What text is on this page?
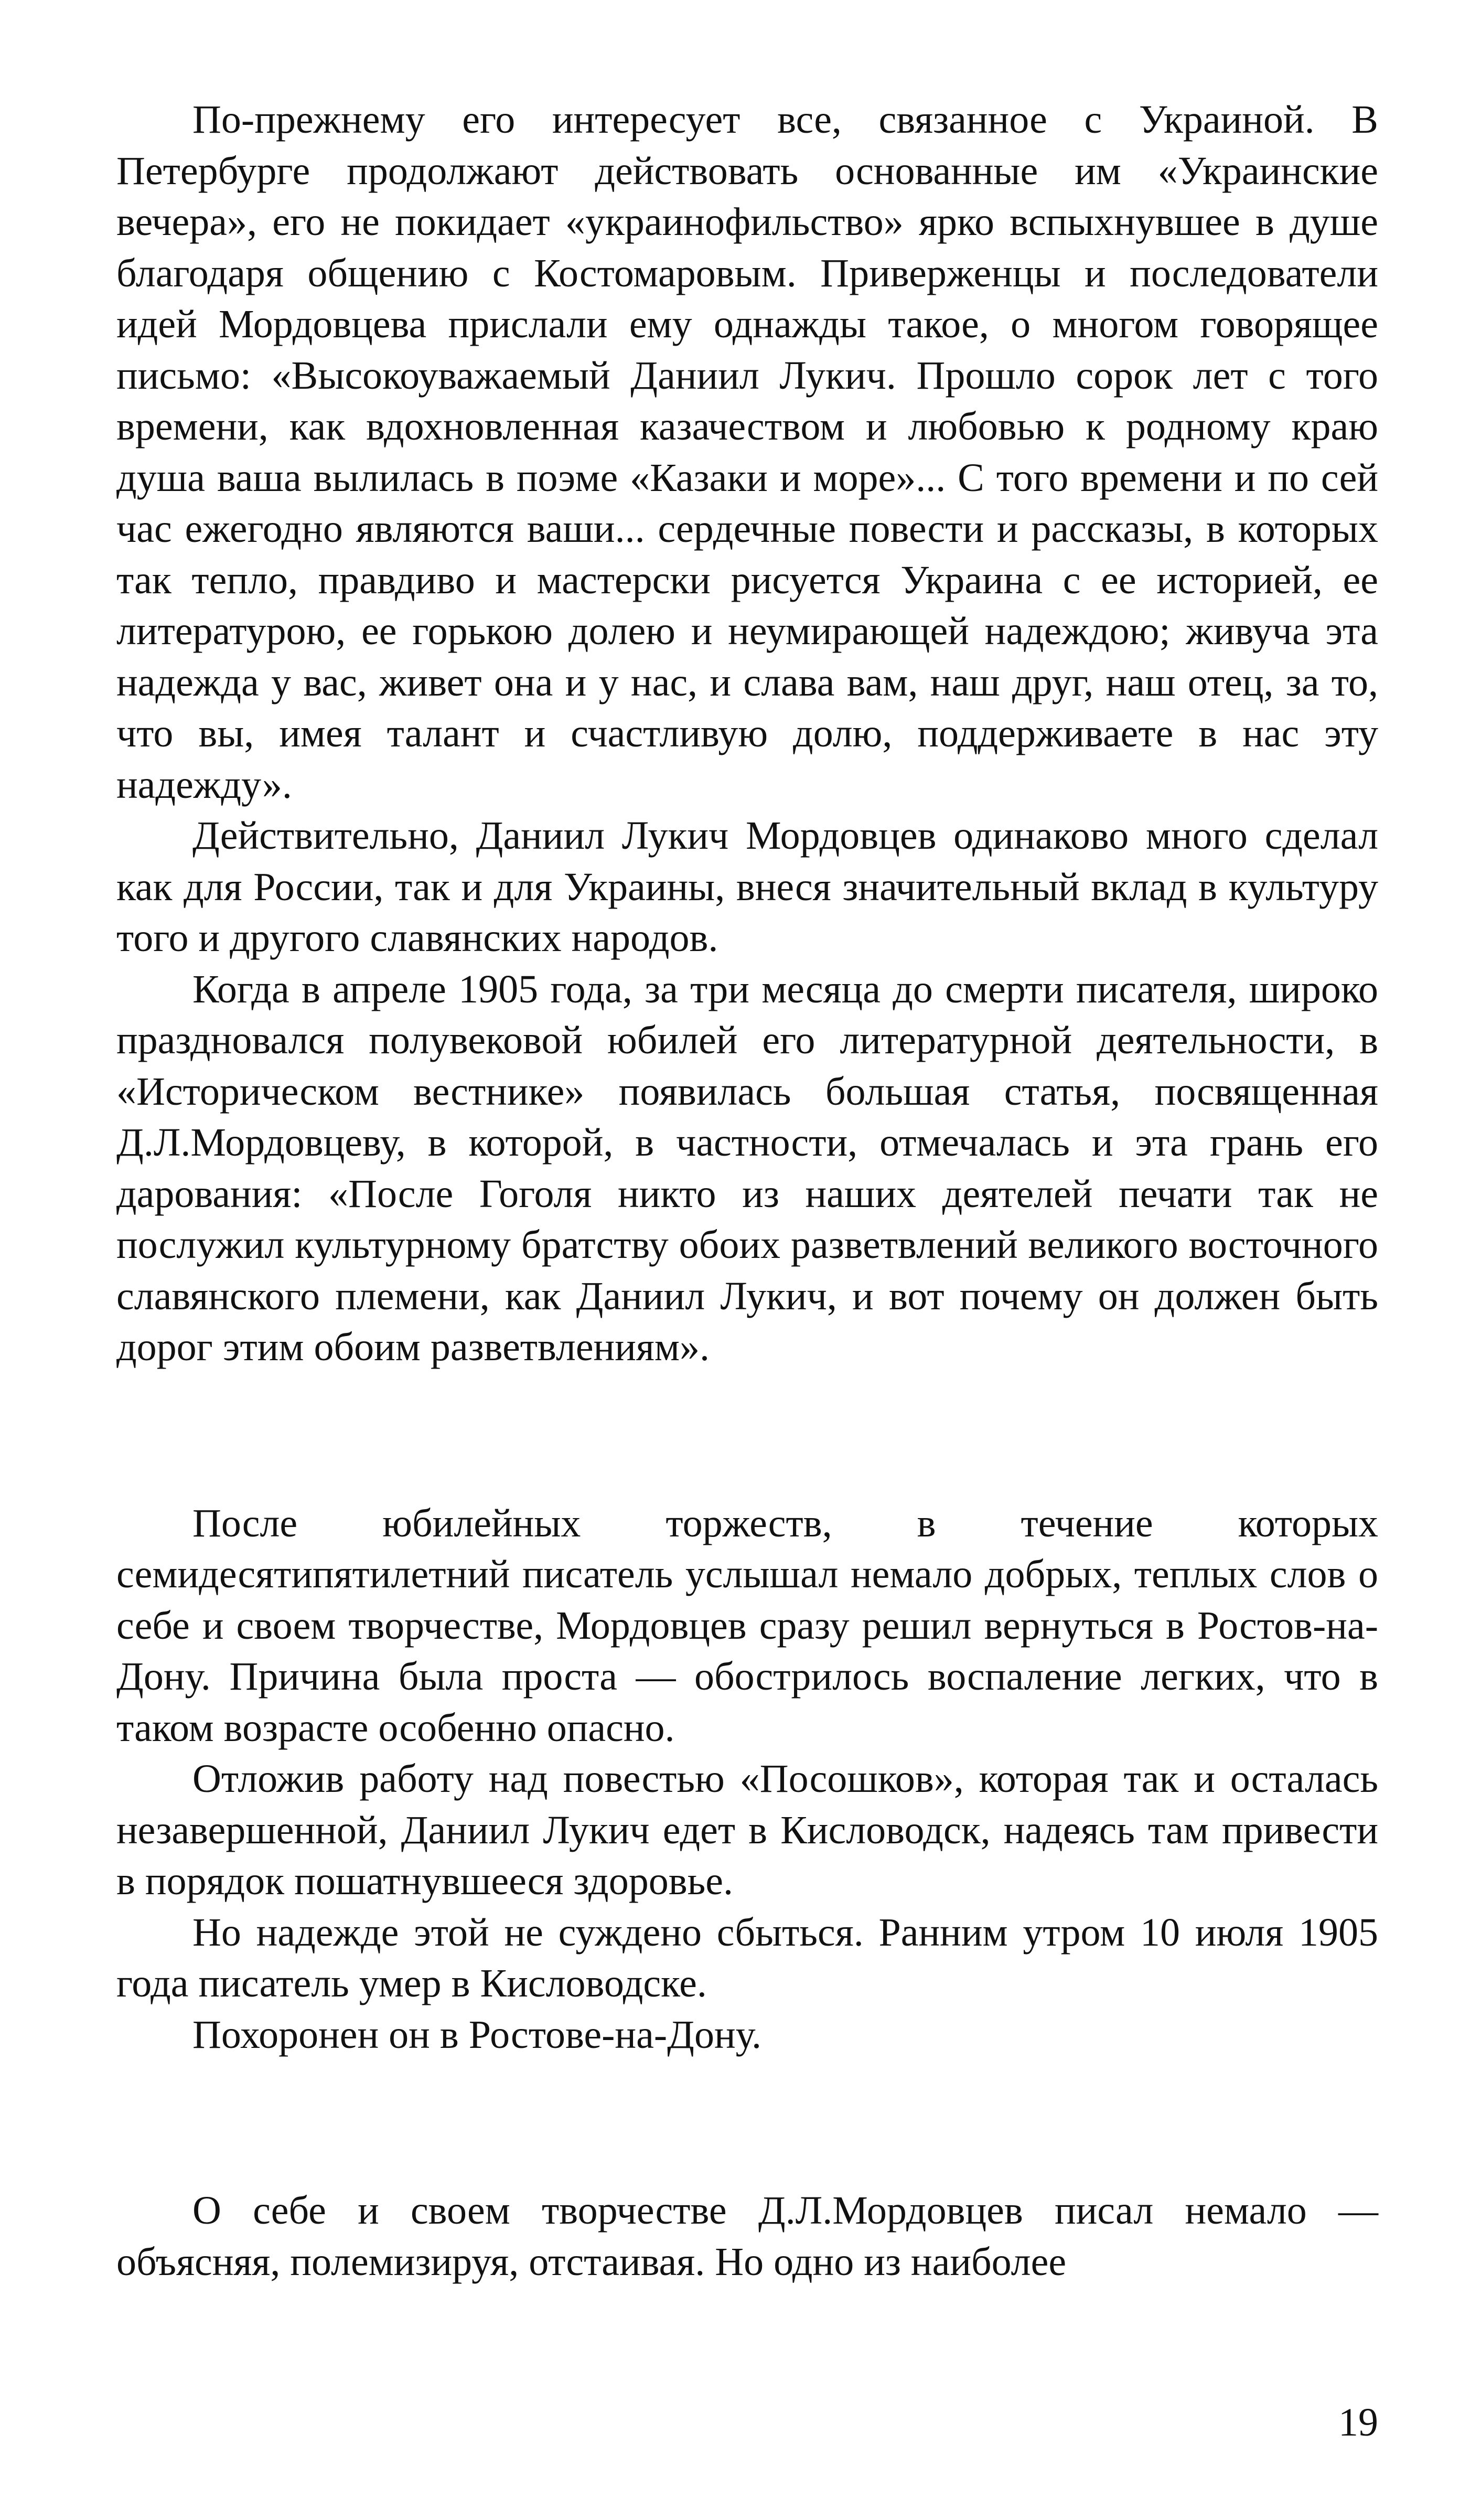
По-прежнему его интересует все, связанное с Украиной. В Петербурге продолжают действовать основанные им «Украинские вечера», его не покидает «украинофильство» ярко вспыхнувшее в душе благодаря общению с Костомаровым. Приверженцы и последователи идей Мордовцева прислали ему однажды такое, о многом говорящее письмо: «Высокоуважаемый Даниил Лукич. Прошло сорок лет с того времени, как вдохновленная казачеством и любовью к родному краю душа ваша вылилась в поэме «Казаки и море»... С того времени и по сей час ежегодно являются ваши... сердечные повести и рассказы, в которых так тепло, правдиво и мастерски рисуется Украина с ее историей, ее литературою, ее горькою долею и неумирающей надеждою; живуча эта надежда у вас, живет она и у нас, и слава вам, наш друг, наш отец, за то, что вы, имея талант и счастливую долю, поддерживаете в нас эту надежду».

Действительно, Даниил Лукич Мордовцев одинаково много сделал как для России, так и для Украины, внеся значительный вклад в культуру того и другого славянских народов.

Когда в апреле 1905 года, за три месяца до смерти писателя, широко праздновался полувековой юбилей его литературной деятельности, в «Историческом вестнике» появилась большая статья, посвященная Д.Л.Мордовцеву, в которой, в частности, отмечалась и эта грань его дарования: «После Гоголя никто из наших деятелей печати так не послужил культурному братству обоих разветвлений великого восточного славянского племени, как Даниил Лукич, и вот почему он должен быть дорог этим обоим разветвлениям».

После юбилейных торжеств, в течение которых семидесятипятилетний писатель услышал немало добрых, теплых слов о себе и своем творчестве, Мордовцев сразу решил вернуться в Ростов-на-Дону. Причина была проста — обострилось воспаление легких, что в таком возрасте особенно опасно.

Отложив работу над повестью «Посошков», которая так и осталась незавершенной, Даниил Лукич едет в Кисловодск, надеясь там привести в порядок пошатнувшееся здоровье.

Но надежде этой не суждено сбыться. Ранним утром 10 июля 1905 года писатель умер в Кисловодске.

Похоронен он в Ростове-на-Дону.

О себе и своем творчестве Д.Л.Мордовцев писал немало — объясняя, полемизируя, отстаивая. Но одно из наиболее

19
